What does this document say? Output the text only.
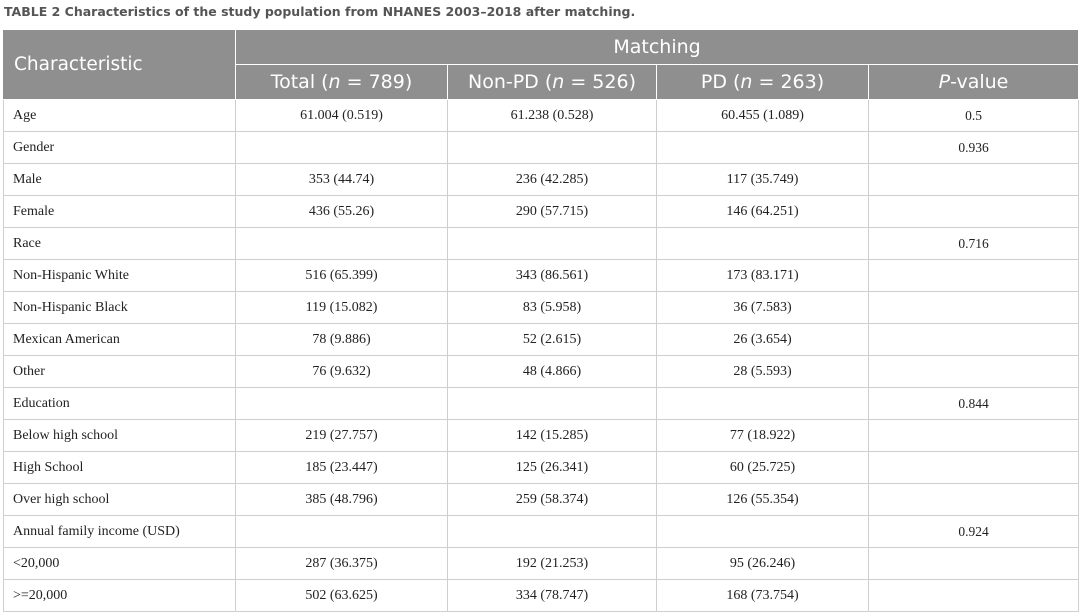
TABLE 2 Characteristics of the study population from NHANES 2003–2018 after matching.
Characteristic	Matching			
	Total (n = 789)	Non-PD (n = 526)	PD (n = 263)	P-value
Age	61.004 (0.519)	61.238 (0.528)	60.455 (1.089)	0.5
Gender				0.936
Male	353 (44.74)	236 (42.285)	117 (35.749)	
Female	436 (55.26)	290 (57.715)	146 (64.251)	
Race				0.716
Non-Hispanic White	516 (65.399)	343 (86.561)	173 (83.171)	
Non-Hispanic Black	119 (15.082)	83 (5.958)	36 (7.583)	
Mexican American	78 (9.886)	52 (2.615)	26 (3.654)	
Other	76 (9.632)	48 (4.866)	28 (5.593)	
Education				0.844
Below high school	219 (27.757)	142 (15.285)	77 (18.922)	
High School	185 (23.447)	125 (26.341)	60 (25.725)	
Over high school	385 (48.796)	259 (58.374)	126 (55.354)	
Annual family income (USD)				0.924
<20,000	287 (36.375)	192 (21.253)	95 (26.246)	
>=20,000	502 (63.625)	334 (78.747)	168 (73.754)	
